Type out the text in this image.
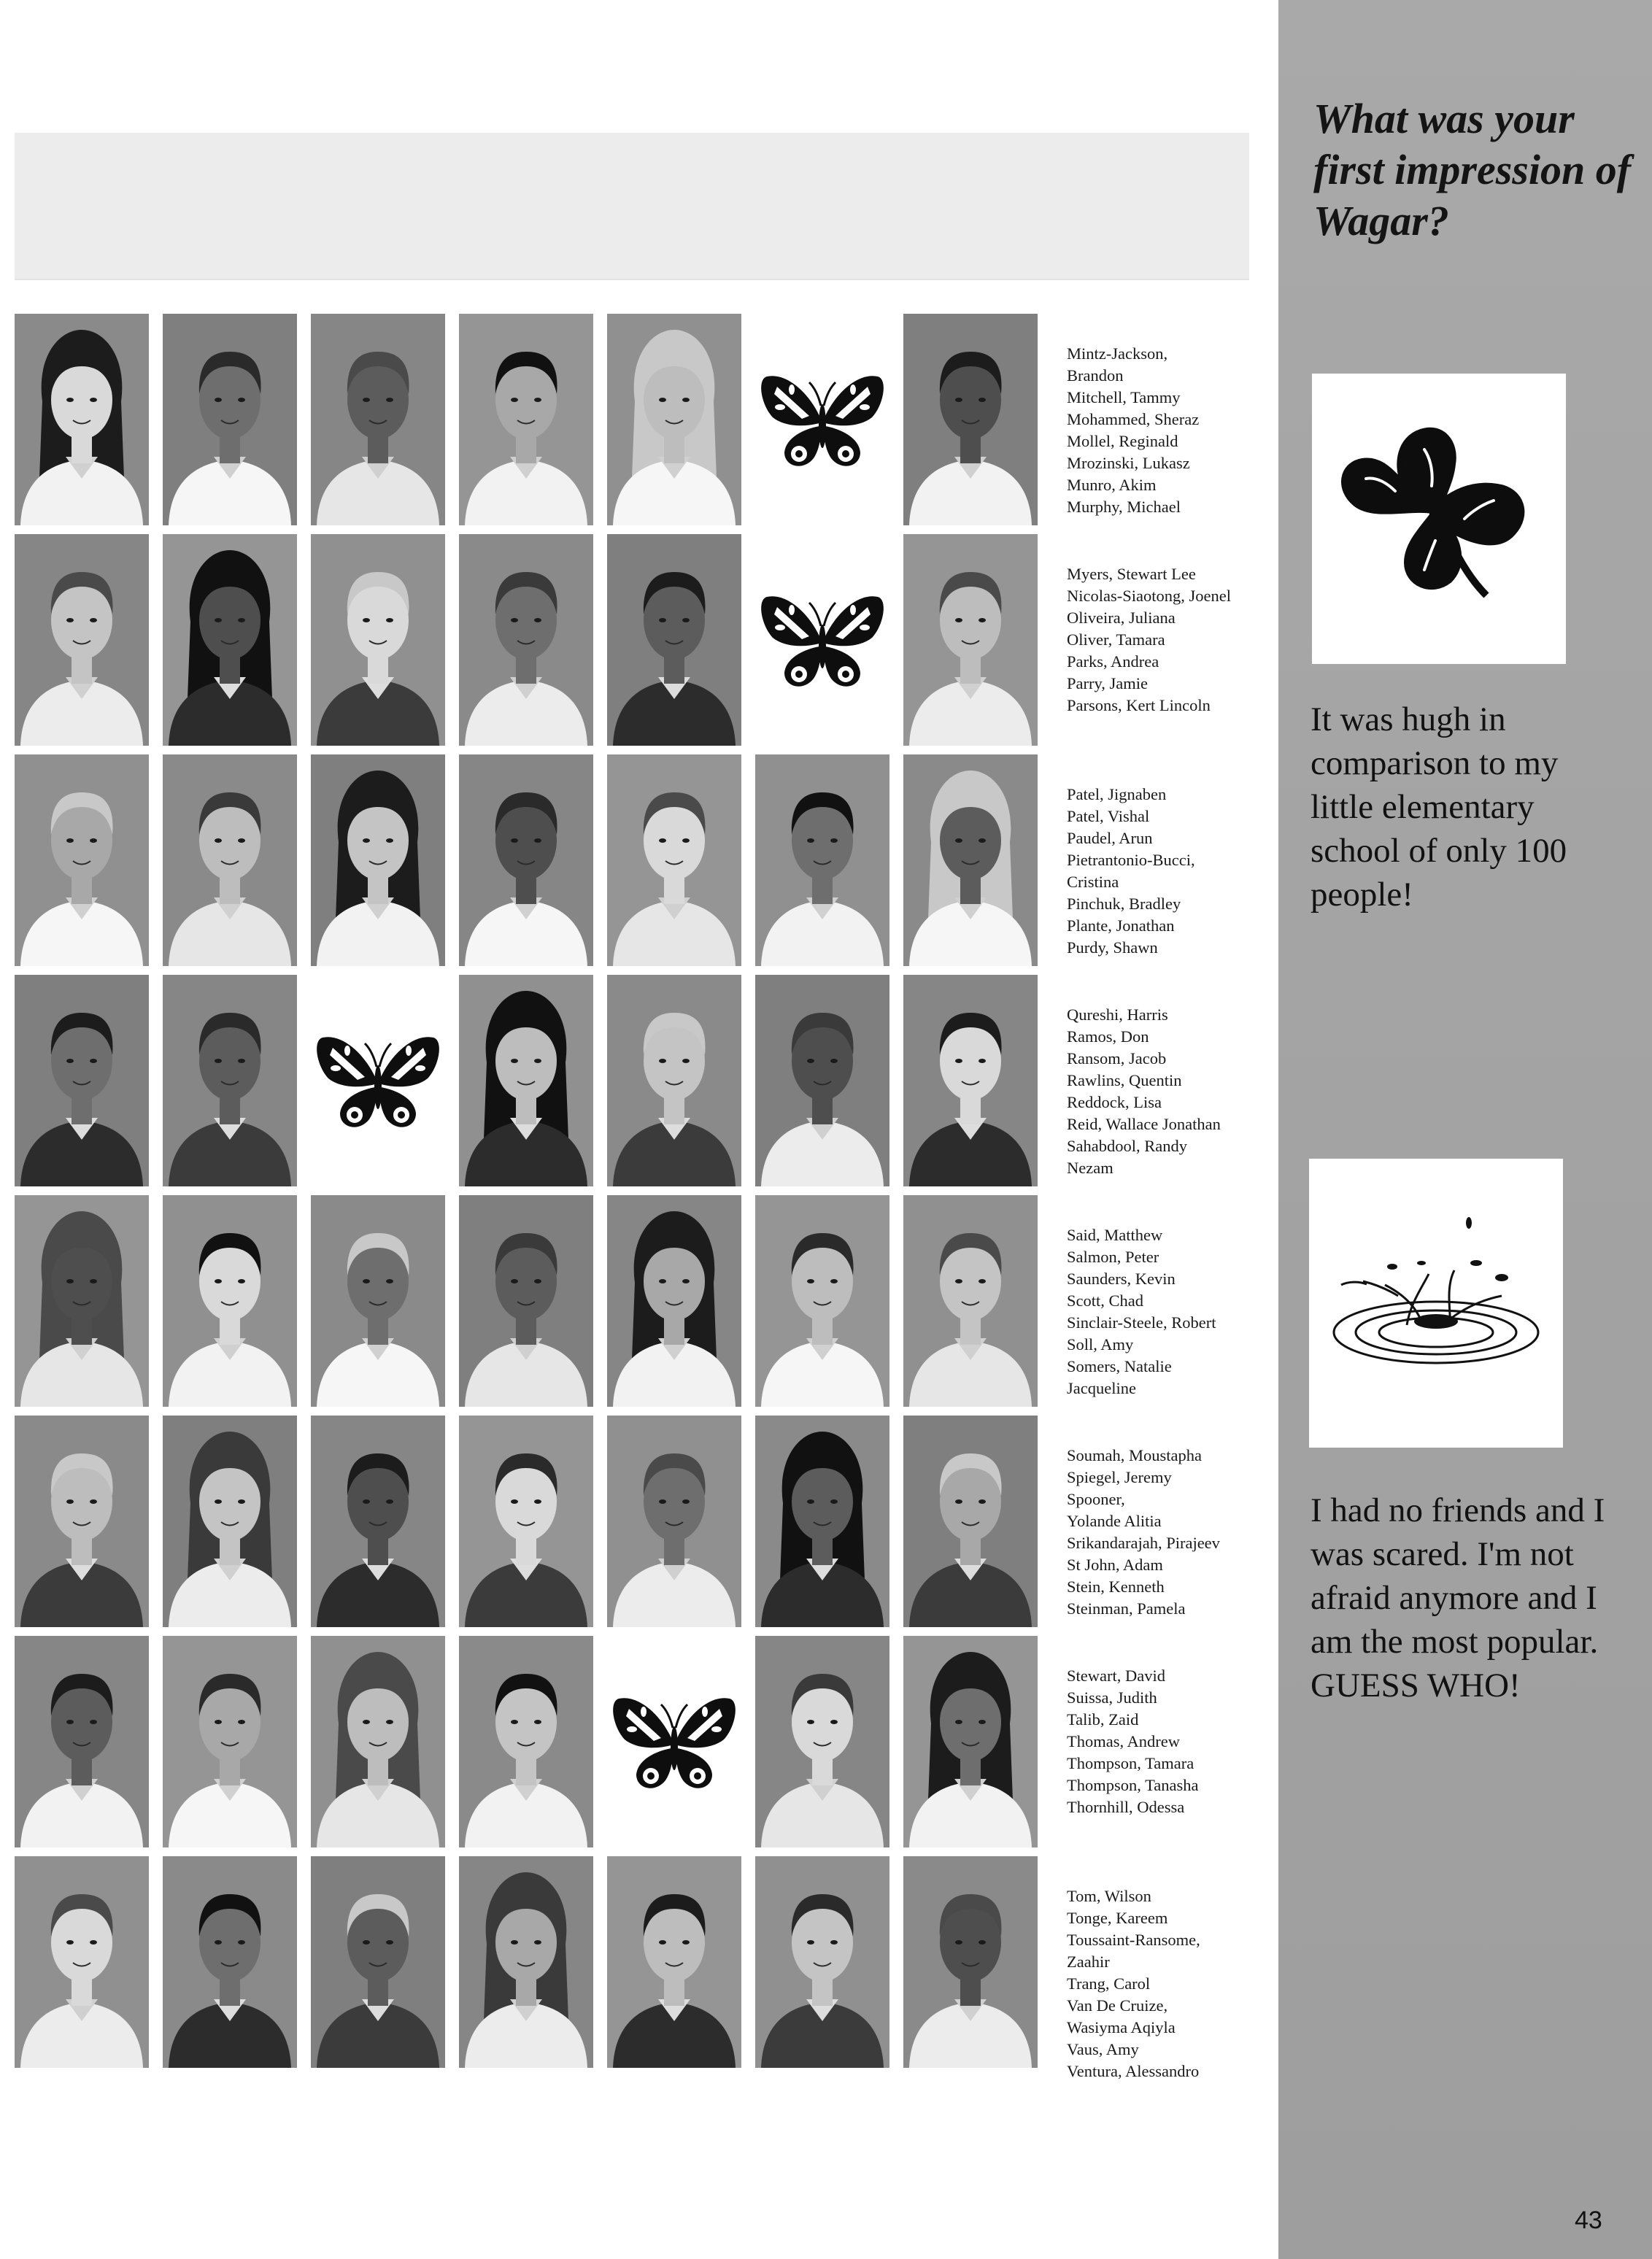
Mintz-Jackson,
Brandon
Mitchell, Tammy
Mohammed, Sheraz
Mollel, Reginald
Mrozinski, Lukasz
Munro, Akim
Murphy, Michael
Myers, Stewart Lee
Nicolas-Siaotong, Joenel
Oliveira, Juliana
Oliver, Tamara
Parks, Andrea
Parry, Jamie
Parsons, Kert Lincoln
Patel, Jignaben
Patel, Vishal
Paudel, Arun
Pietrantonio-Bucci,
Cristina
Pinchuk, Bradley
Plante, Jonathan
Purdy, Shawn
Qureshi, Harris
Ramos, Don
Ransom, Jacob
Rawlins, Quentin
Reddock, Lisa
Reid, Wallace Jonathan
Sahabdool, Randy
Nezam
Said, Matthew
Salmon, Peter
Saunders, Kevin
Scott, Chad
Sinclair-Steele, Robert
Soll, Amy
Somers, Natalie
Jacqueline
Soumah, Moustapha
Spiegel, Jeremy
Spooner,
Yolande Alitia
Srikandarajah, Pirajeev
St John, Adam
Stein, Kenneth
Steinman, Pamela
Stewart, David
Suissa, Judith
Talib, Zaid
Thomas, Andrew
Thompson, Tamara
Thompson, Tanasha
Thornhill, Odessa
Tom, Wilson
Tonge, Kareem
Toussaint-Ransome,
Zaahir
Trang, Carol
Van De Cruize,
Wasiyma Aqiyla
Vaus, Amy
Ventura, Alessandro

What was your first impression of Wagar?

It was hugh in comparison to my little elementary school of only 100 people!

I had no friends and I was scared. I'm not afraid anymore and I am the most popular. GUESS WHO!

43
